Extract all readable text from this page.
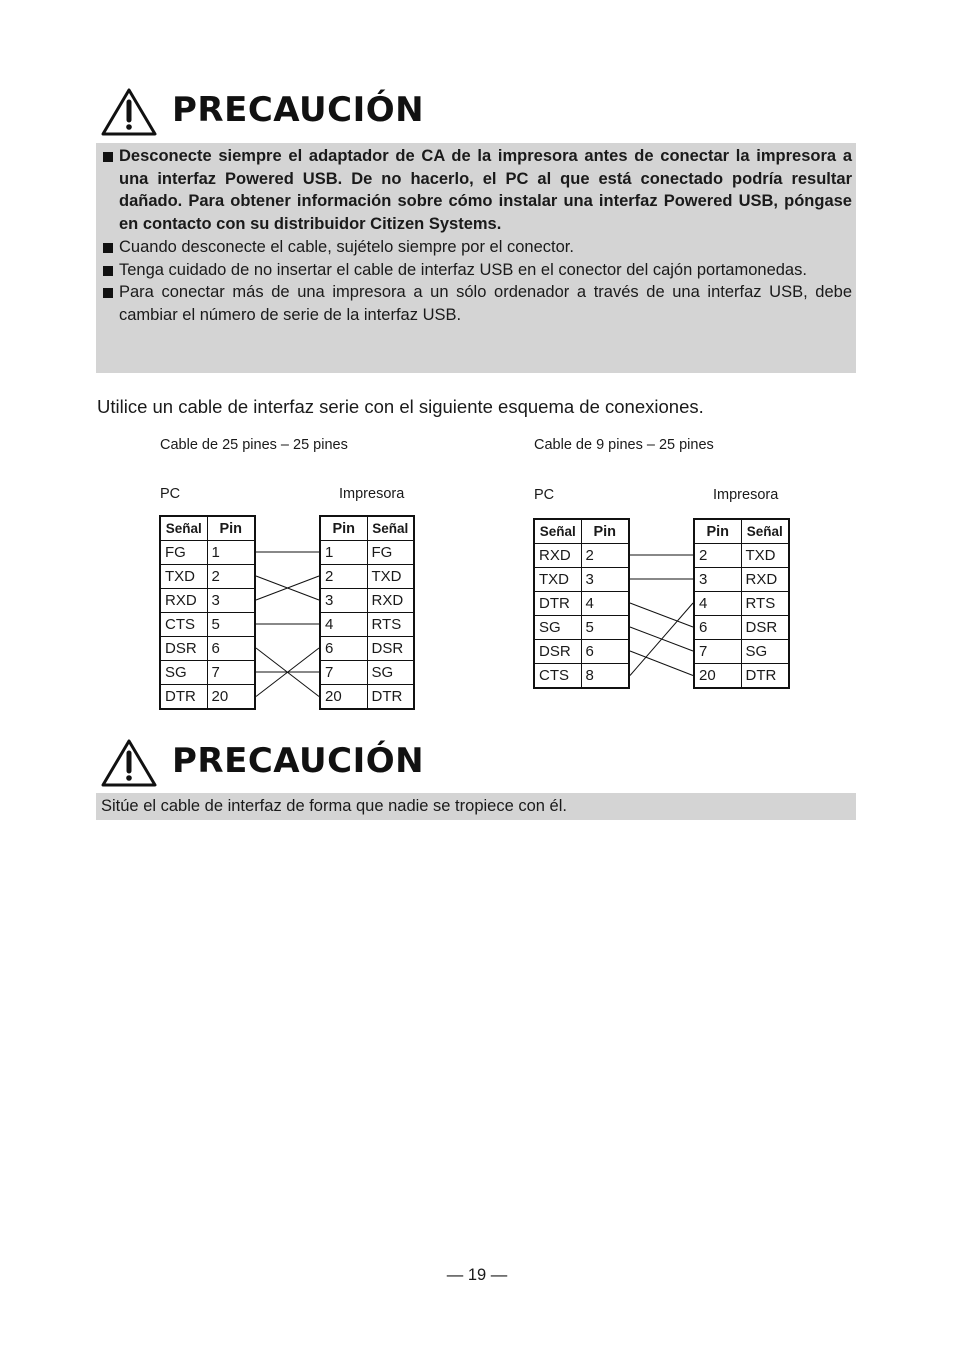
PRECAUCIÓN
Desconecte siempre el adaptador de CA de la impresora antes de conectar la impresora a una interfaz Powered USB. De no hacerlo, el PC al que está conectado podría resultar dañado. Para obtener información sobre cómo instalar una interfaz Powered USB, póngase en contacto con su distribuidor Citizen Systems.
Cuando desconecte el cable, sujételo siempre por el conector.
Tenga cuidado de no insertar el cable de interfaz USB en el conector del cajón portamonedas.
Para conectar más de una impresora a un sólo ordenador a través de una interfaz USB, debe cambiar el número de serie de la interfaz USB.
Utilice un cable de interfaz serie con el siguiente esquema de conexiones.
Cable de 25 pines – 25 pines
PC	Impresora
Señal	Pin
FG	1
TXD	2
RXD	3
CTS	5
DSR	6
SG	7
DTR	20
Pin	Señal
1	FG
2	TXD
3	RXD
4	RTS
6	DSR
7	SG
20	DTR
Cable de 9 pines – 25 pines
PC	Impresora
Señal	Pin
RXD	2
TXD	3
DTR	4
SG	5
DSR	6
CTS	8
Pin	Señal
2	TXD
3	RXD
4	RTS
6	DSR
7	SG
20	DTR
PRECAUCIÓN
Sitúe el cable de interfaz de forma que nadie se tropiece con él.
— 19 —
